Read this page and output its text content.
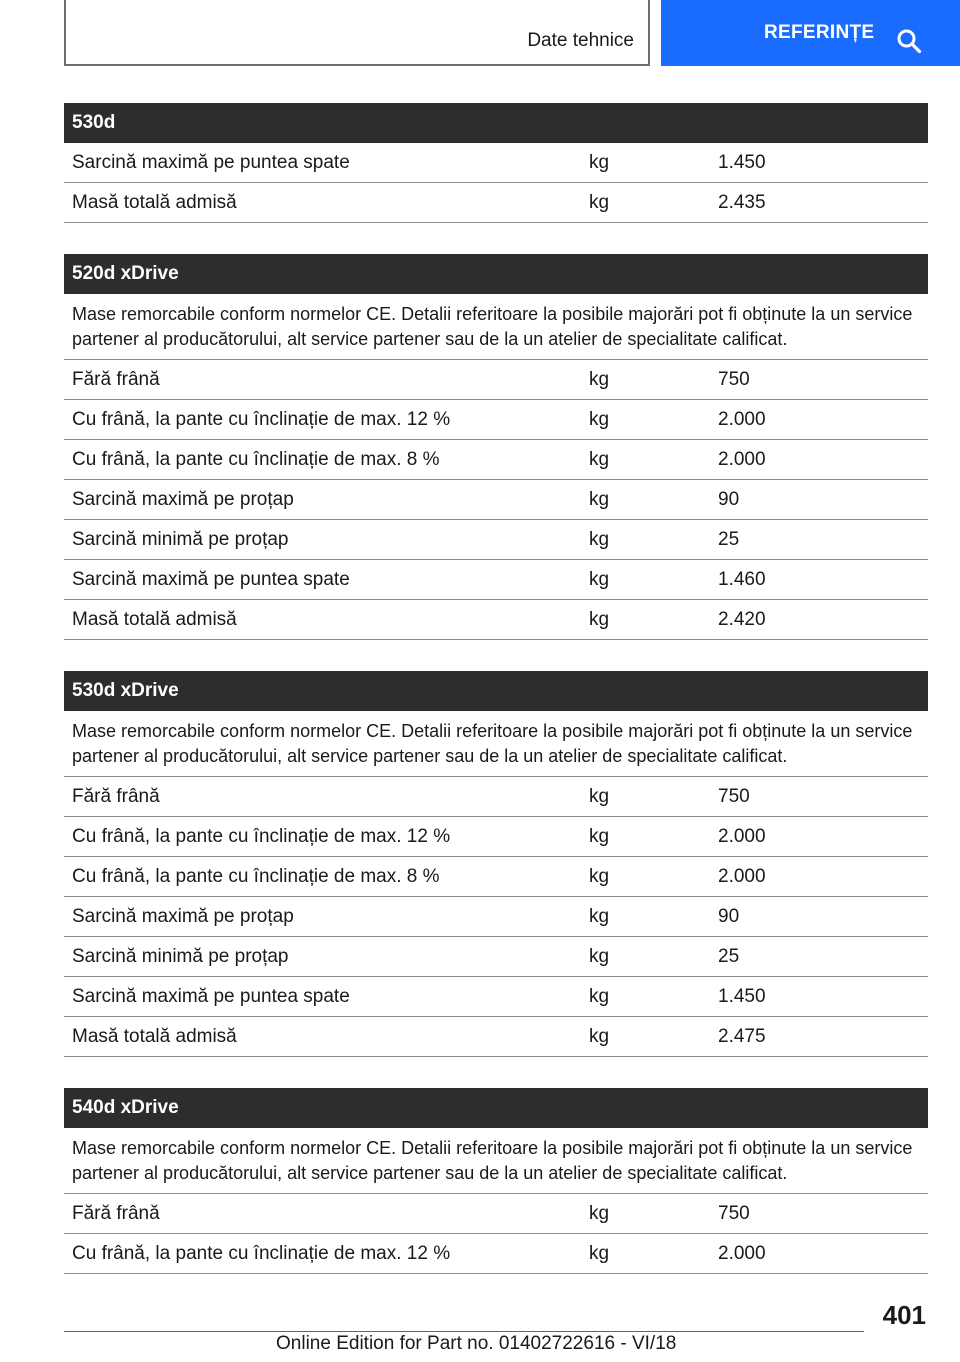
Date tehnice	REFERINȚE
530d
Sarcină maximă pe puntea spate	kg	1.450
Masă totală admisă	kg	2.435
520d xDrive
Mase remorcabile conform normelor CE. Detalii referitoare la posibile majorări pot fi obținute la un service partener al producătorului, alt service partener sau de la un atelier de specialitate calificat.
Fără frână	kg	750
Cu frână, la pante cu înclinație de max. 12 %	kg	2.000
Cu frână, la pante cu înclinație de max. 8 %	kg	2.000
Sarcină maximă pe proțap	kg	90
Sarcină minimă pe proțap	kg	25
Sarcină maximă pe puntea spate	kg	1.460
Masă totală admisă	kg	2.420
530d xDrive
Mase remorcabile conform normelor CE. Detalii referitoare la posibile majorări pot fi obținute la un service partener al producătorului, alt service partener sau de la un atelier de specialitate calificat.
Fără frână	kg	750
Cu frână, la pante cu înclinație de max. 12 %	kg	2.000
Cu frână, la pante cu înclinație de max. 8 %	kg	2.000
Sarcină maximă pe proțap	kg	90
Sarcină minimă pe proțap	kg	25
Sarcină maximă pe puntea spate	kg	1.450
Masă totală admisă	kg	2.475
540d xDrive
Mase remorcabile conform normelor CE. Detalii referitoare la posibile majorări pot fi obținute la un service partener al producătorului, alt service partener sau de la un atelier de specialitate calificat.
Fără frână	kg	750
Cu frână, la pante cu înclinație de max. 12 %	kg	2.000
401
Online Edition for Part no. 01402722616 - VI/18
